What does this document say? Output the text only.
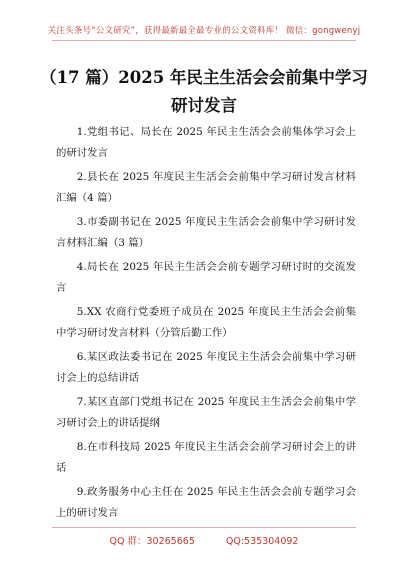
关注头条号“公文研究”，获得最新最全最专业的公文资料库！ 微信：gongwenyj
（17 篇）2025 年民主生活会会前集中学习研讨发言

1.党组书记、局长在 2025 年民主生活会会前集体学习会上的研讨发言

2.县长在 2025 年度民主生活会会前集中学习研讨发言材料汇编（4 篇）

3.市委副书记在 2025 年度民主生活会会前集中学习研讨发言材料汇编（3 篇）

4.局长在 2025 年民主生活会会前专题学习研讨时的交流发言

5.XX 农商行党委班子成员在 2025 年度民主生活会会前集中学习研讨发言材料（分管后勤工作）

6.某区政法委书记在 2025 年度民主生活会会前集中学习研讨会上的总结讲话

7.某区直部门党组书记在 2025 年度民主生活会会前集中学习研讨会上的讲话提纲

8.在市科技局 2025 年度民主生活会会前学习研讨会上的讲话

9.政务服务中心主任在 2025 年民主生活会会前专题学习会上的研讨发言

QQ 群：30265665	QQ:535304092
